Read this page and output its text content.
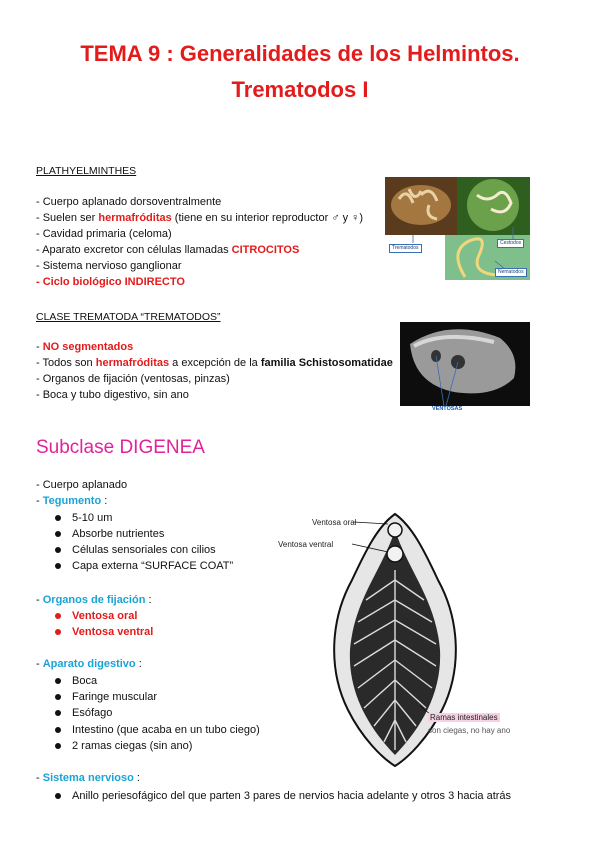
TEMA 9 : Generalidades de los Helmintos.
Trematodos I
PLATHYELMINTHES
- Cuerpo aplanado dorsoventralmente
- Suelen ser hermafróditas (tiene en su interior reproductor ♂ y ♀)
- Cavidad primaria (celoma)
- Aparato excretor con células llamadas CITROCITOS
- Sistema nervioso ganglionar
- Ciclo biológico INDIRECTO
Trematodos
Cestodos
Nematodos
CLASE TREMATODA “TREMATODOS”
- NO segmentados
- Todos son hermafróditas a excepción de la familia Schistosomatidae
- Organos de fijación (ventosas, pinzas)
- Boca y tubo digestivo, sin ano
VENTOSAS
Subclase DIGENEA
- Cuerpo aplanado
- Tegumento :
5-10 um
Absorbe nutrientes
Células sensoriales con cilios
Capa externa “SURFACE COAT”
- Organos de fijación :
Ventosa oral
Ventosa ventral
- Aparato digestivo :
Boca
Faringe muscular
Esófago
Intestino (que acaba en un tubo ciego)
2 ramas ciegas (sin ano)
- Sistema nervioso :
Anillo periesofágico del que parten 3 pares de nervios hacia adelante y otros 3 hacia atrás
Ventosa oral
Ventosa ventral
Ramas intestinales
son ciegas, no hay ano
